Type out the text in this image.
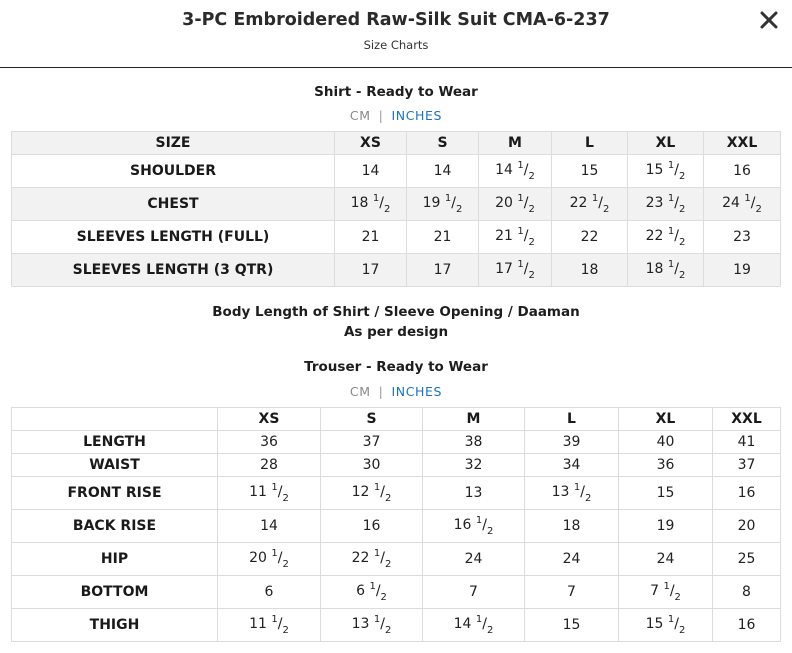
3-PC Embroidered Raw-Silk Suit CMA-6-237
Size Charts
Shirt - Ready to Wear
CM | INCHES
SIZE	XS	S	M	L	XL	XXL
SHOULDER	14	14	14 $^1/_2$	15	15 $^1/_2$	16
CHEST	18 $^1/_2$	19 $^1/_2$	20 $^1/_2$	22 $^1/_2$	23 $^1/_2$	24 $^1/_2$
SLEEVES LENGTH (FULL)	21	21	21 $^1/_2$	22	22 $^1/_2$	23
SLEEVES LENGTH (3 QTR)	17	17	17 $^1/_2$	18	18 $^1/_2$	19
Body Length of Shirt / Sleeve Opening / Daaman
As per design
Trouser - Ready to Wear
CM | INCHES
	XS	S	M	L	XL	XXL
LENGTH	36	37	38	39	40	41
WAIST	28	30	32	34	36	37
FRONT RISE	11 $^1/_2$	12 $^1/_2$	13	13 $^1/_2$	15	16
BACK RISE	14	16	16 $^1/_2$	18	19	20
HIP	20 $^1/_2$	22 $^1/_2$	24	24	24	25
BOTTOM	6	6 $^1/_2$	7	7	7 $^1/_2$	8
THIGH	11 $^1/_2$	13 $^1/_2$	14 $^1/_2$	15	15 $^1/_2$	16
